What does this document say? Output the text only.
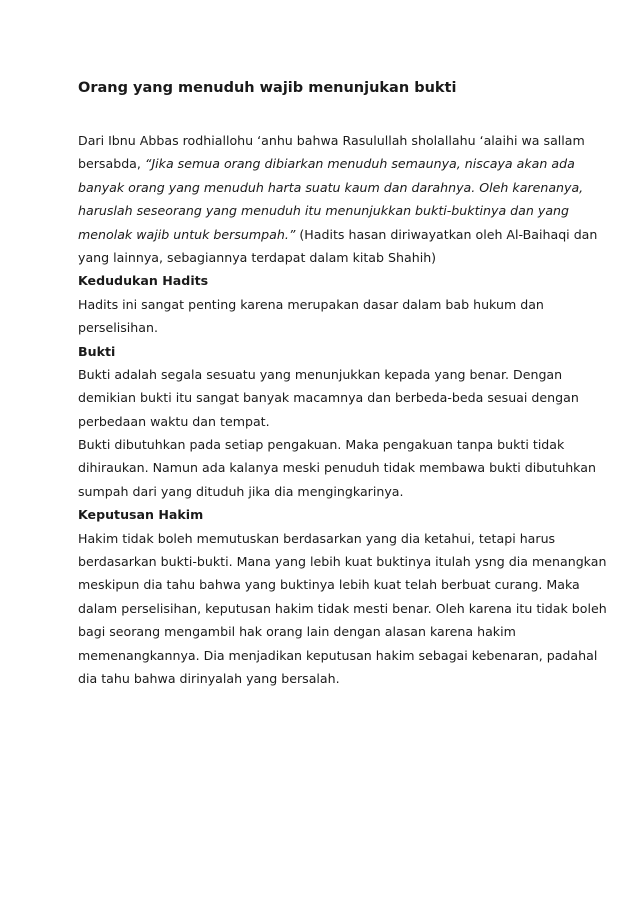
Orang yang menuduh wajib menunjukan bukti
Dari Ibnu Abbas rodhiallohu ‘anhu bahwa Rasulullah sholallahu ‘alaihi wa sallam
bersabda, “Jika semua orang dibiarkan menuduh semaunya, niscaya akan ada
banyak orang yang menuduh harta suatu kaum dan darahnya. Oleh karenanya,
haruslah seseorang yang menuduh itu menunjukkan bukti-buktinya dan yang
menolak wajib untuk bersumpah.” (Hadits hasan diriwayatkan oleh Al-Baihaqi dan
yang lainnya, sebagiannya terdapat dalam kitab Shahih)
Kedudukan Hadits
Hadits ini sangat penting karena merupakan dasar dalam bab hukum dan
perselisihan.
Bukti
Bukti adalah segala sesuatu yang menunjukkan kepada yang benar. Dengan
demikian bukti itu sangat banyak macamnya dan berbeda-beda sesuai dengan
perbedaan waktu dan tempat.
Bukti dibutuhkan pada setiap pengakuan. Maka pengakuan tanpa bukti tidak
dihiraukan. Namun ada kalanya meski penuduh tidak membawa bukti dibutuhkan
sumpah dari yang dituduh jika dia mengingkarinya.
Keputusan Hakim
Hakim tidak boleh memutuskan berdasarkan yang dia ketahui, tetapi harus
berdasarkan bukti-bukti. Mana yang lebih kuat buktinya itulah ysng dia menangkan
meskipun dia tahu bahwa yang buktinya lebih kuat telah berbuat curang. Maka
dalam perselisihan, keputusan hakim tidak mesti benar. Oleh karena itu tidak boleh
bagi seorang mengambil hak orang lain dengan alasan karena hakim
memenangkannya. Dia menjadikan keputusan hakim sebagai kebenaran, padahal
dia tahu bahwa dirinyalah yang bersalah.
